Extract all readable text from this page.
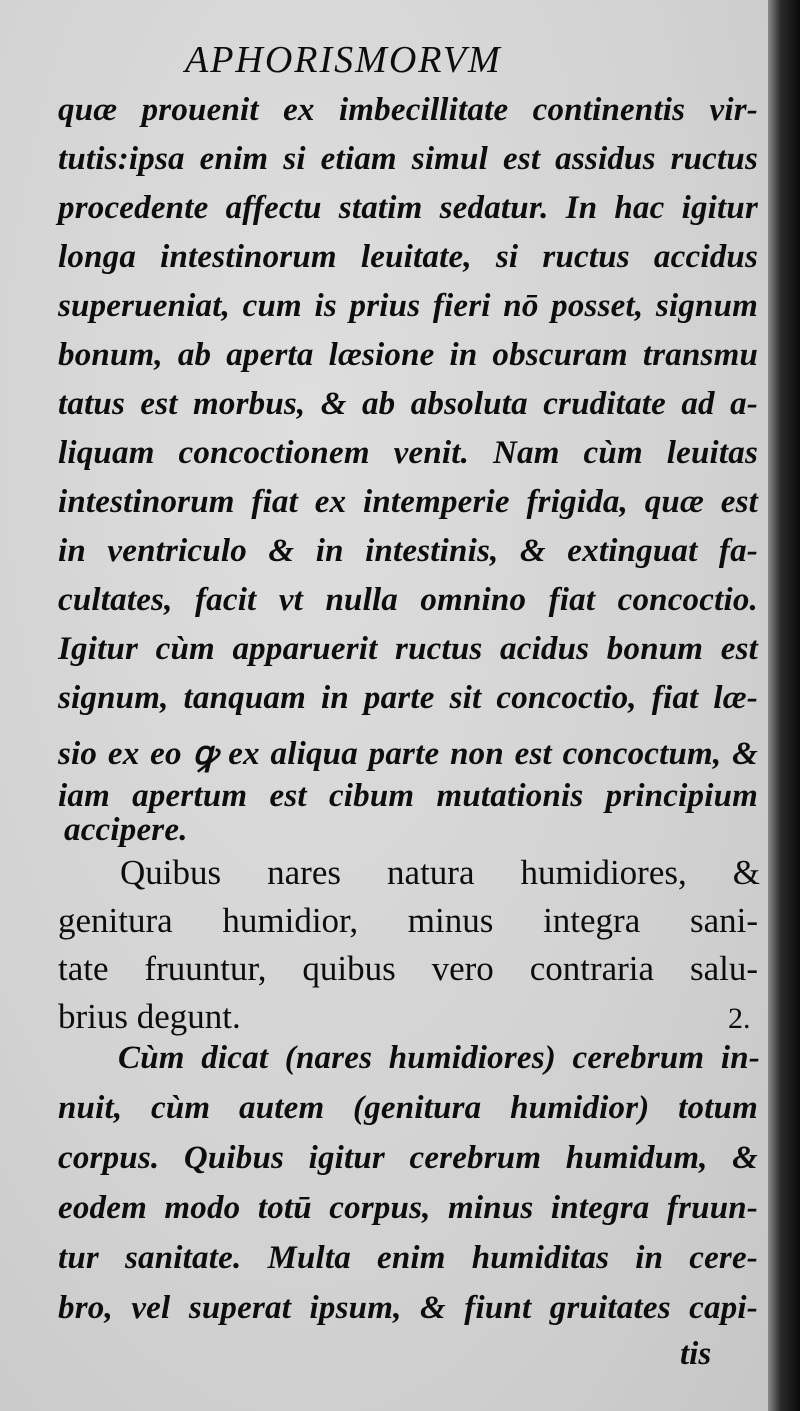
APHORISMORVM
quæ prouenit ex imbecillitate continentis vir-
tutis:ipsa enim si etiam simul est assidus ructus
procedente affectu statim sedatur. In hac igitur
longa intestinorum leuitate, si ructus accidus
superueniat, cum is prius fieri nō posset, signum
bonum, ab aperta læsione in obscuram transmu
tatus est morbus, & ab absoluta cruditate ad a-
liquam concoctionem venit. Nam cùm leuitas
intestinorum fiat ex intemperie frigida, quæ est
in ventriculo & in intestinis, & extinguat fa-
cultates, facit vt nulla omnino fiat concoctio.
Igitur cùm apparuerit ructus acidus bonum est
signum, tanquam in parte sit concoctio, fiat læ-
sio ex eo ꝙ ex aliqua parte non est concoctum, &
iam apertum est cibum mutationis principium
accipere.
Quibus nares natura humidiores, &
genitura humidior, minus integra sani-
tate fruuntur, quibus vero contraria salu-
brius degunt.	2.
Cùm dicat (nares humidiores) cerebrum in-
nuit, cùm autem (genitura humidior) totum
corpus. Quibus igitur cerebrum humidum, &
eodem modo totū corpus, minus integra fruun-
tur sanitate. Multa enim humiditas in cere-
bro, vel superat ipsum, & fiunt gruitates capi-
tis
